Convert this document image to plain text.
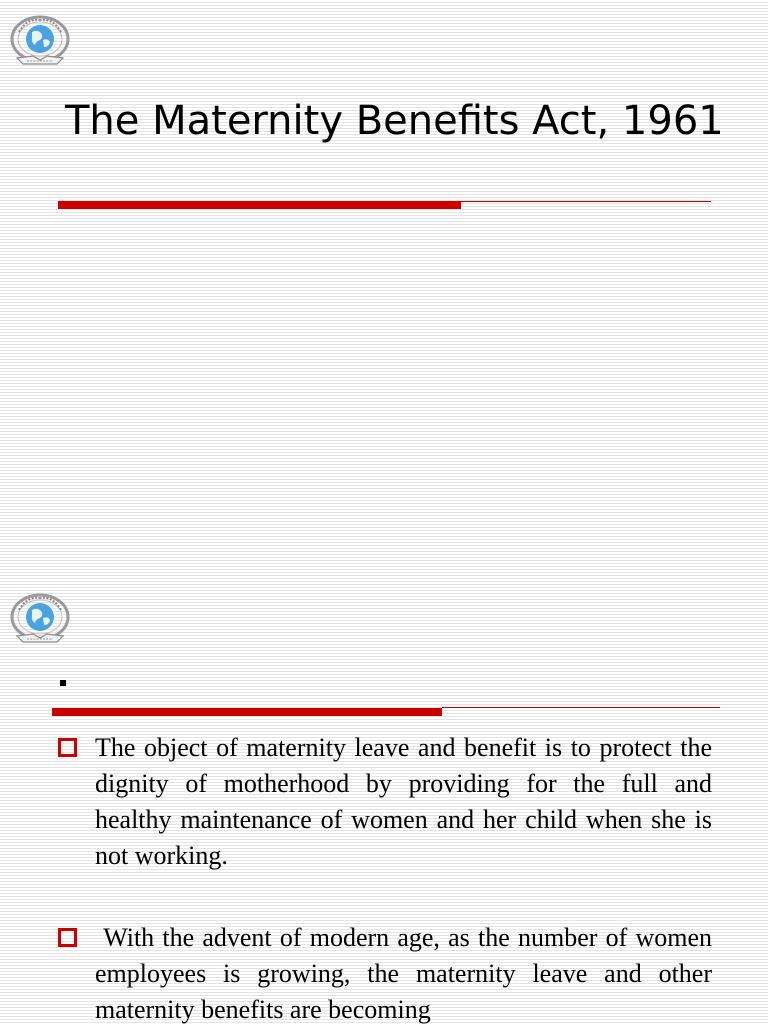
The Maternity Benefits Act, 1961
The object of maternity leave and benefit is to protect the dignity of motherhood by providing for the full and healthy maintenance of women and her child when she is not working.
With the advent of modern age, as the number of women employees is growing, the maternity leave and other maternity benefits are becoming
